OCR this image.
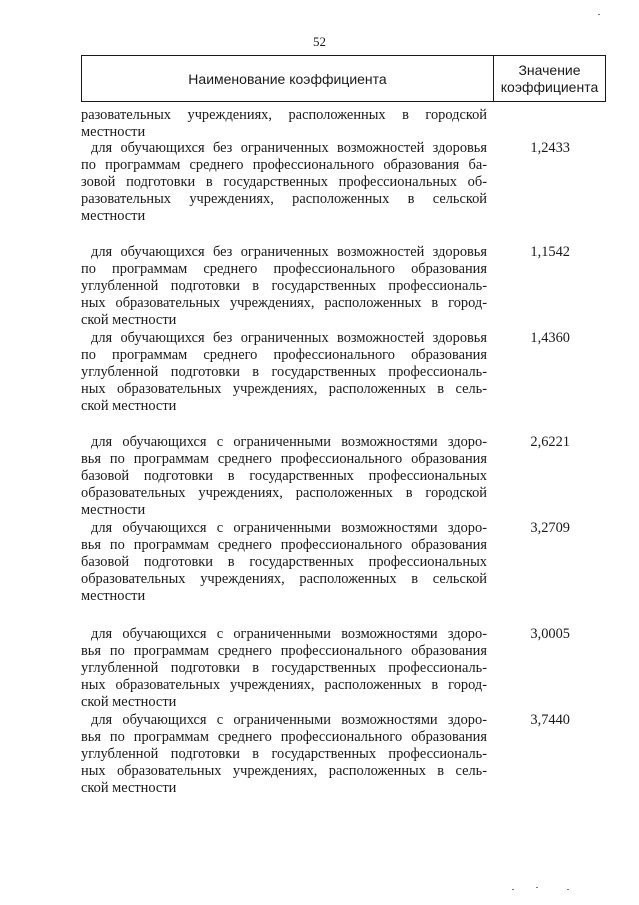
52
Наименование коэффициента
Значение
коэффициента
разовательных учреждениях, расположенных в городской
местности
для обучающихся без ограниченных возможностей здоровья
по программам среднего профессионального образования ба-
зовой подготовки в государственных профессиональных об-
разовательных учреждениях, расположенных в сельской
местности
1,2433
для обучающихся без ограниченных возможностей здоровья
по программам среднего профессионального образования
углубленной подготовки в государственных профессиональ-
ных образовательных учреждениях, расположенных в город-
ской местности
1,1542
для обучающихся без ограниченных возможностей здоровья
по программам среднего профессионального образования
углубленной подготовки в государственных профессиональ-
ных образовательных учреждениях, расположенных в сель-
ской местности
1,4360
для обучающихся с ограниченными возможностями здоро-
вья по программам среднего профессионального образования
базовой подготовки в государственных профессиональных
образовательных учреждениях, расположенных в городской
местности
2,6221
для обучающихся с ограниченными возможностями здоро-
вья по программам среднего профессионального образования
базовой подготовки в государственных профессиональных
образовательных учреждениях, расположенных в сельской
местности
3,2709
для обучающихся с ограниченными возможностями здоро-
вья по программам среднего профессионального образования
углубленной подготовки в государственных профессиональ-
ных образовательных учреждениях, расположенных в город-
ской местности
3,0005
для обучающихся с ограниченными возможностями здоро-
вья по программам среднего профессионального образования
углубленной подготовки в государственных профессиональ-
ных образовательных учреждениях, расположенных в сель-
ской местности
3,7440
